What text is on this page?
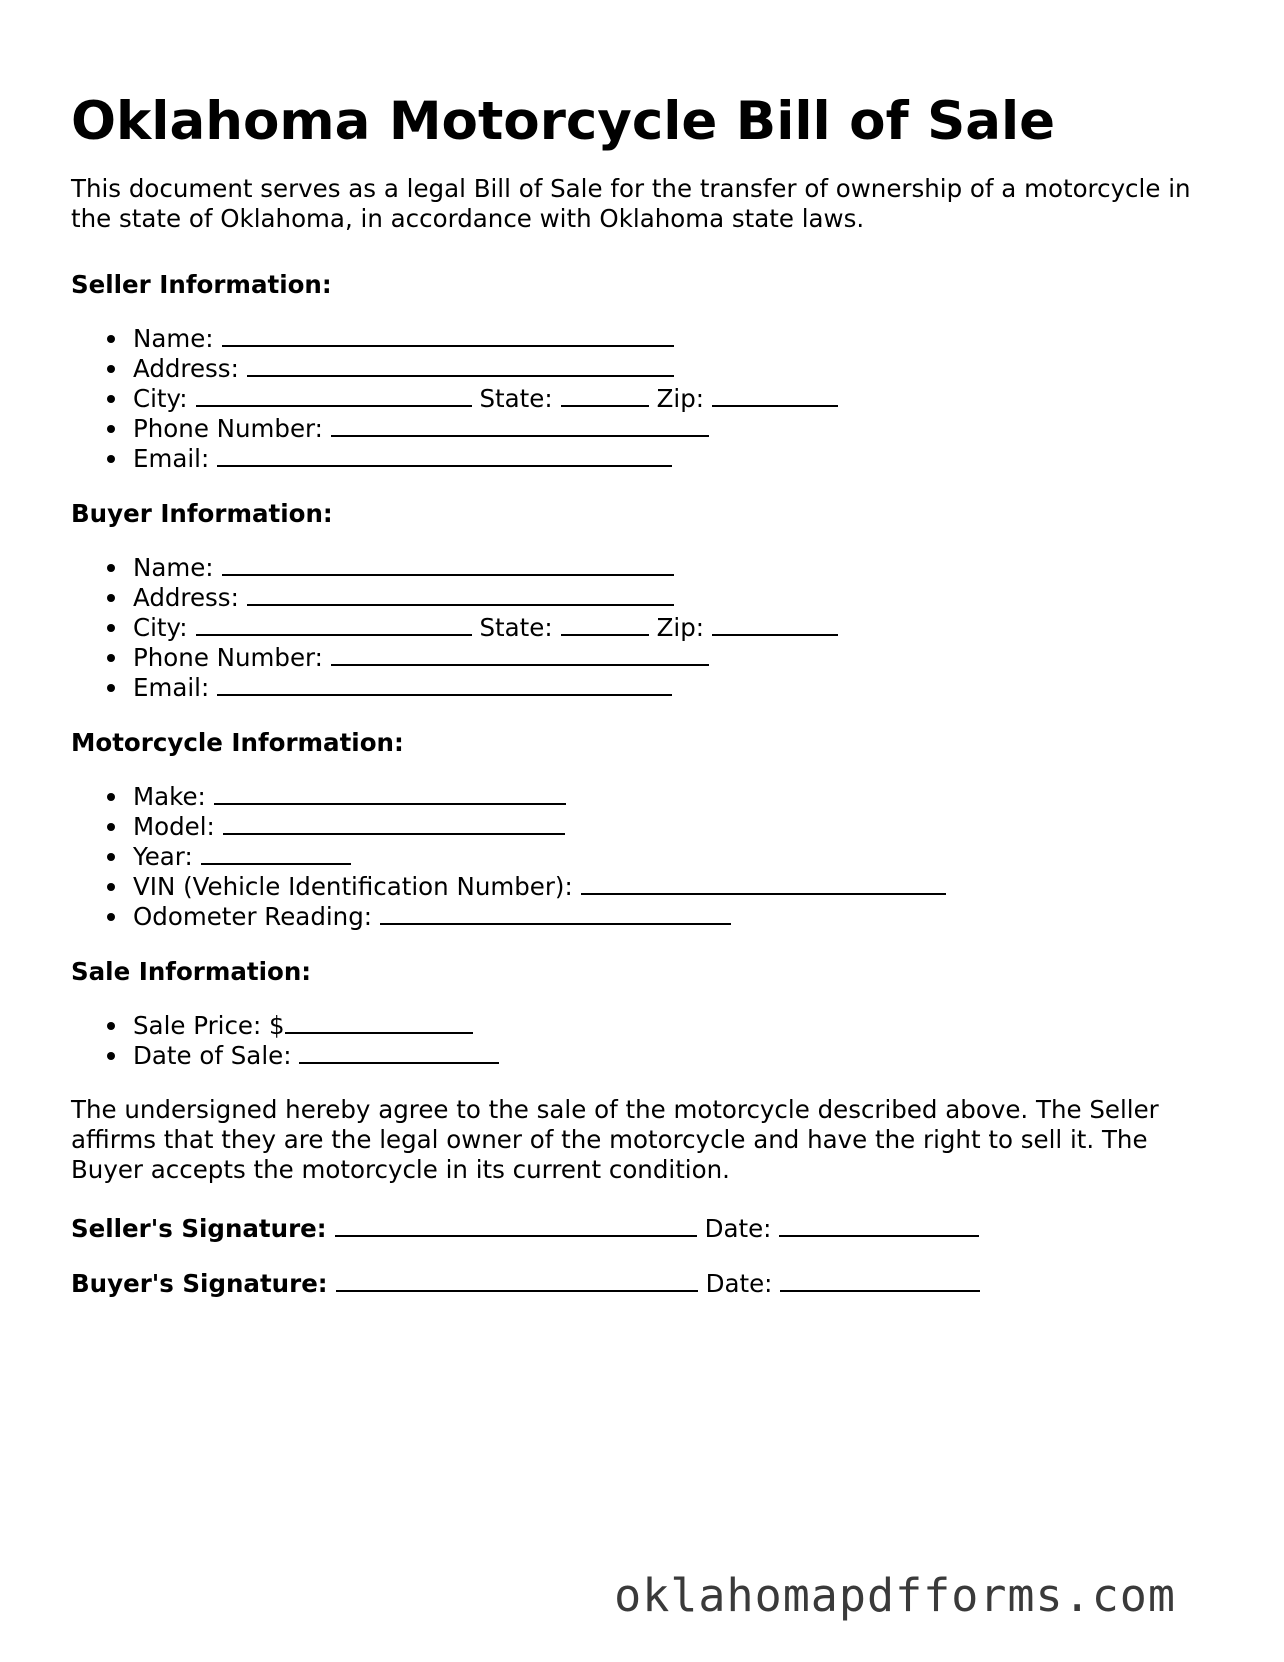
Oklahoma Motorcycle Bill of Sale

This document serves as a legal Bill of Sale for the transfer of ownership of a motorcycle in the state of Oklahoma, in accordance with Oklahoma state laws.

Seller Information:
Name:
Address:
City:	State:	Zip:
Phone Number:
Email:
Buyer Information:
Name:
Address:
City:	State:	Zip:
Phone Number:
Email:
Motorcycle Information:
Make:
Model:
Year:
VIN (Vehicle Identification Number):
Odometer Reading:
Sale Information:
Sale Price: $
Date of Sale:

The undersigned hereby agree to the sale of the motorcycle described above. The Seller affirms that they are the legal owner of the motorcycle and have the right to sell it. The Buyer accepts the motorcycle in its current condition.

Seller's Signature:	Date:
Buyer's Signature:	Date:
oklahomapdfforms.com
